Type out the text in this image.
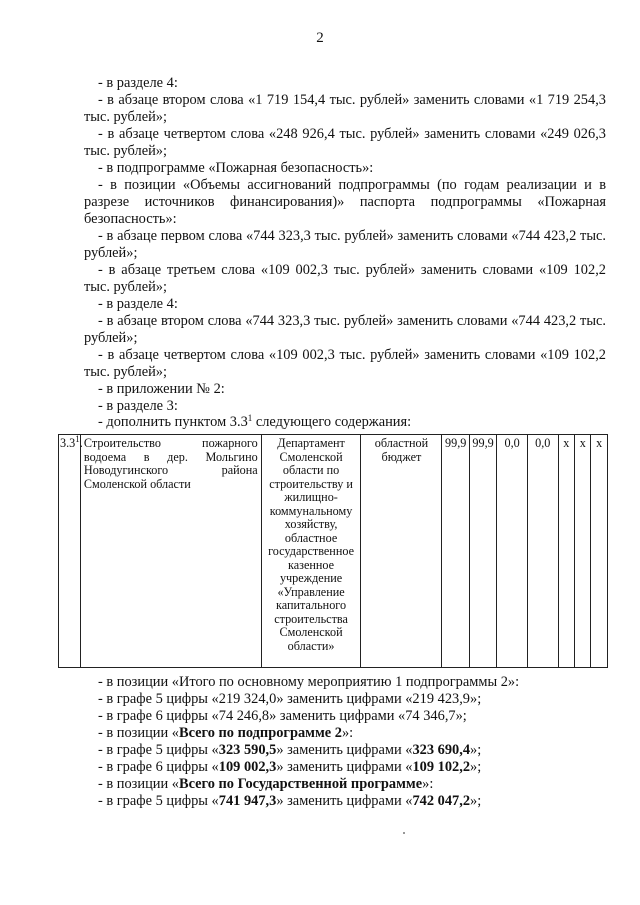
2

- в разделе 4:

- в абзаце втором слова «1 719 154,4 тыс. рублей» заменить словами «1 719 254,3 тыс. рублей»;

- в абзаце четвертом слова «248 926,4 тыс. рублей» заменить словами «249 026,3 тыс. рублей»;

- в подпрограмме «Пожарная безопасность»:

- в позиции «Объемы ассигнований подпрограммы (по годам реализации и в разрезе источников финансирования)» паспорта подпрограммы «Пожарная безопасность»:

- в абзаце первом слова «744 323,3 тыс. рублей» заменить словами «744 423,2 тыс. рублей»;

- в абзаце третьем слова «109 002,3 тыс. рублей» заменить словами «109 102,2 тыс. рублей»;

- в разделе 4:

- в абзаце втором слова «744 323,3 тыс. рублей» заменить словами «744 423,2 тыс. рублей»;

- в абзаце четвертом слова «109 002,3 тыс. рублей» заменить словами «109 102,2 тыс. рублей»;

- в приложении № 2:

- в разделе 3:

- дополнить пунктом $3.3^1$ следующего содержания:

$3.3^1$.	Строительство пожарного водоема в дер. Мольгино Новодугинского района Смоленской области	Департамент Смоленской области по строительству и жилищно-коммунальному хозяйству, областное государственное казенное учреждение «Управление капитального строительства Смоленской области»	областной бюджет	99,9	99,9	0,0	0,0	х	х	х

- в позиции «Итого по основному мероприятию 1 подпрограммы 2»:

- в графе 5 цифры «219 324,0» заменить цифрами «219 423,9»;

- в графе 6 цифры «74 246,8» заменить цифрами «74 346,7»;

- в позиции «Всего по подпрограмме 2»:

- в графе 5 цифры «323 590,5» заменить цифрами «323 690,4»;

- в графе 6 цифры «109 002,3» заменить цифрами «109 102,2»;

- в позиции «Всего по Государственной программе»:

- в графе 5 цифры «741 947,3» заменить цифрами «742 047,2»;
